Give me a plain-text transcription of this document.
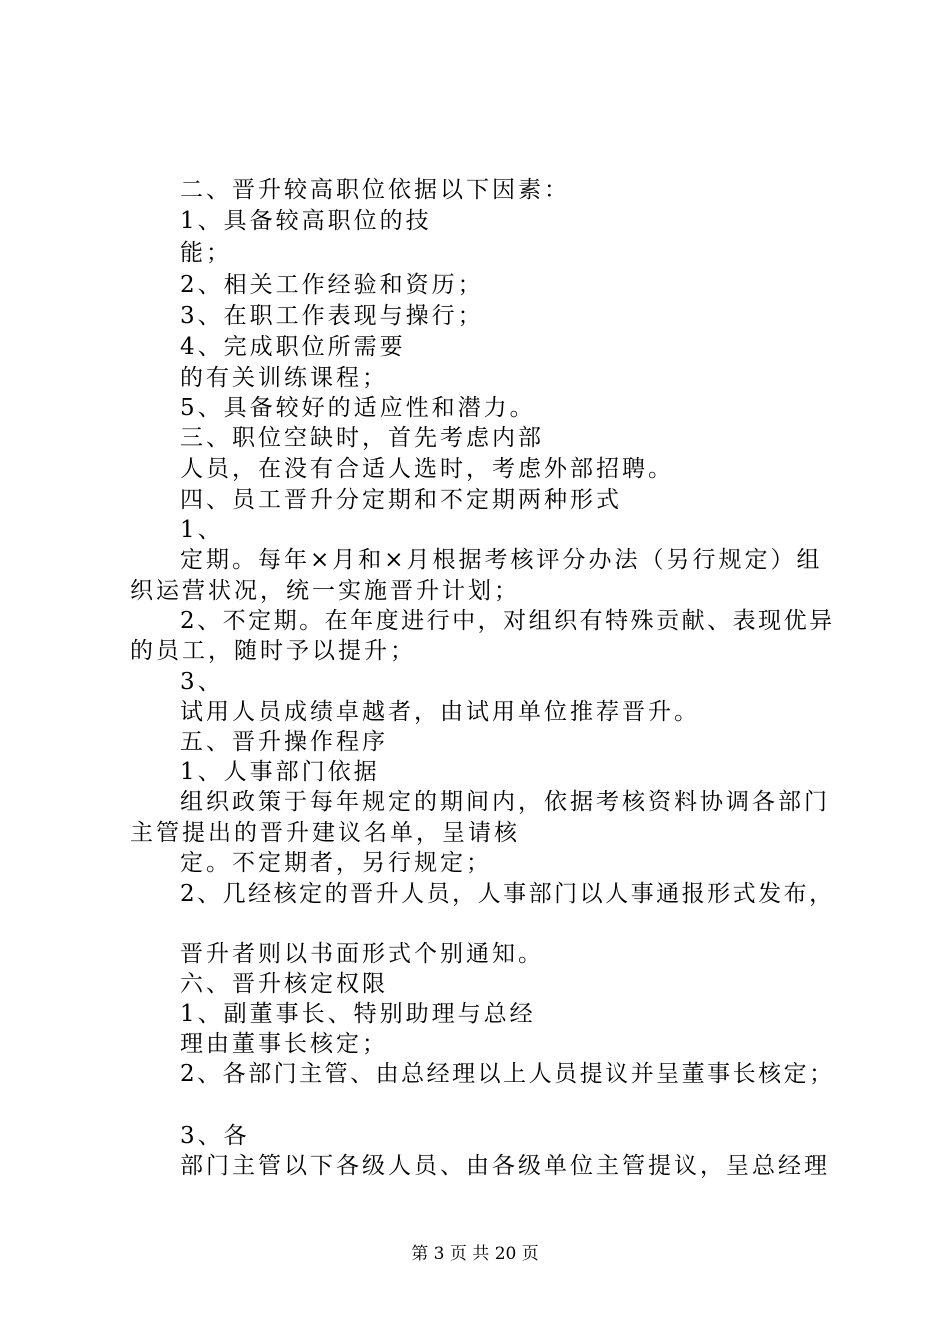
二、晋升较高职位依据以下因素：
1、具备较高职位的技
能；
2、相关工作经验和资历；
3、在职工作表现与操行；
4、完成职位所需要
的有关训练课程；
5、具备较好的适应性和潜力。
三、职位空缺时，首先考虑内部
人员，在没有合适人选时，考虑外部招聘。
四、员工晋升分定期和不定期两种形式
1、
定期。每年×月和×月根据考核评分办法（另行规定）组
织运营状况，统一实施晋升计划；
2、不定期。在年度进行中，对组织有特殊贡献、表现优异
的员工，随时予以提升；
3、
试用人员成绩卓越者，由试用单位推荐晋升。
五、晋升操作程序
1、人事部门依据
组织政策于每年规定的期间内，依据考核资料协调各部门
主管提出的晋升建议名单，呈请核
定。不定期者，另行规定；
2、几经核定的晋升人员，人事部门以人事通报形式发布，
晋升者则以书面形式个别通知。
六、晋升核定权限
1、副董事长、特别助理与总经
理由董事长核定；
2、各部门主管、由总经理以上人员提议并呈董事长核定；
3、各
部门主管以下各级人员、由各级单位主管提议，呈总经理
第 3 页 共 20 页
